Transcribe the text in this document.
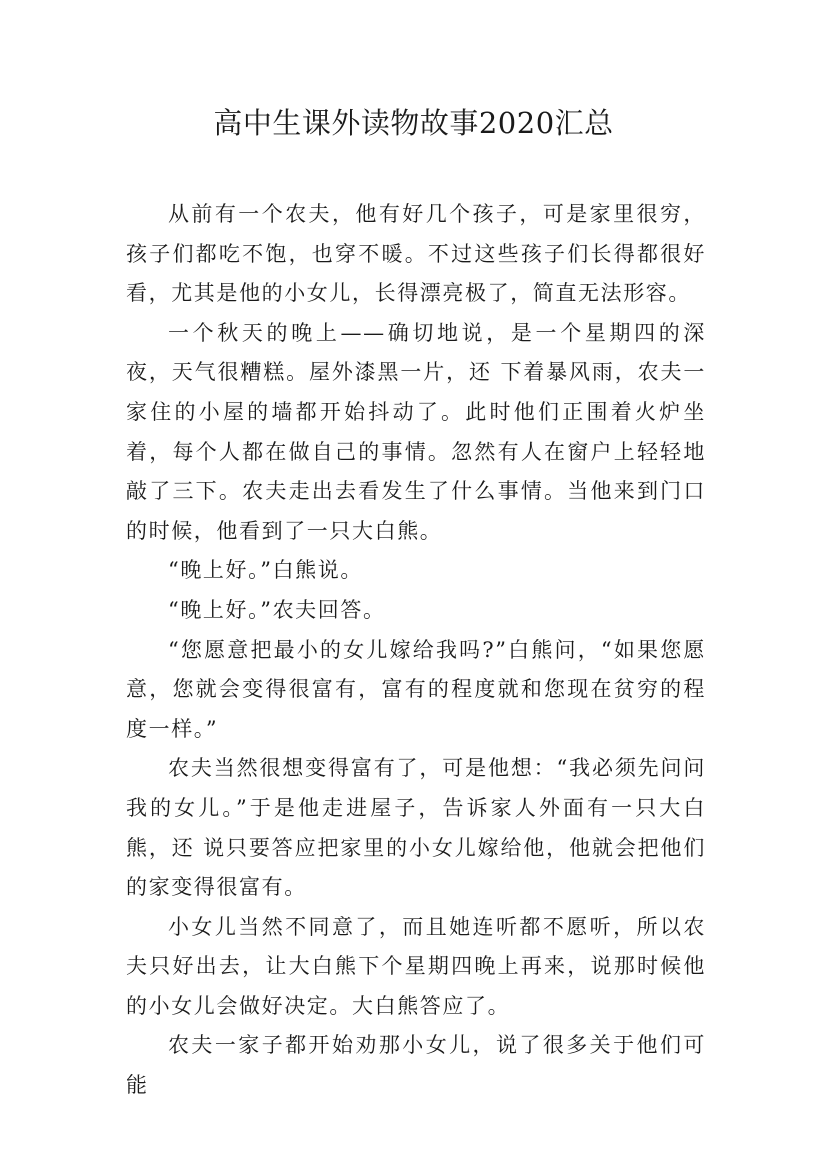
高中生课外读物故事2020汇总

从前有一个农夫，他有好几个孩子，可是家里很穷，孩子们都吃不饱，也穿不暖。不过这些孩子们长得都很好看，尤其是他的小女儿，长得漂亮极了，简直无法形容。

一个秋天的晚上——确切地说，是一个星期四的深夜，天气很糟糕。屋外漆黑一片，还 下着暴风雨，农夫一家住的小屋的墙都开始抖动了。此时他们正围着火炉坐着，每个人都在做自己的事情。忽然有人在窗户上轻轻地敲了三下。农夫走出去看发生了什么事情。当他来到门口的时候，他看到了一只大白熊。

“晚上好。”白熊说。

“晚上好。”农夫回答。

“您愿意把最小的女儿嫁给我吗?”白熊问，“如果您愿意，您就会变得很富有，富有的程度就和您现在贫穷的程度一样。”

农夫当然很想变得富有了，可是他想：“我必须先问问我的女儿。”于是他走进屋子，告诉家人外面有一只大白熊，还 说只要答应把家里的小女儿嫁给他，他就会把他们的家变得很富有。

小女儿当然不同意了，而且她连听都不愿听，所以农夫只好出去，让大白熊下个星期四晚上再来，说那时候他的小女儿会做好决定。大白熊答应了。

农夫一家子都开始劝那小女儿，说了很多关于他们可能
